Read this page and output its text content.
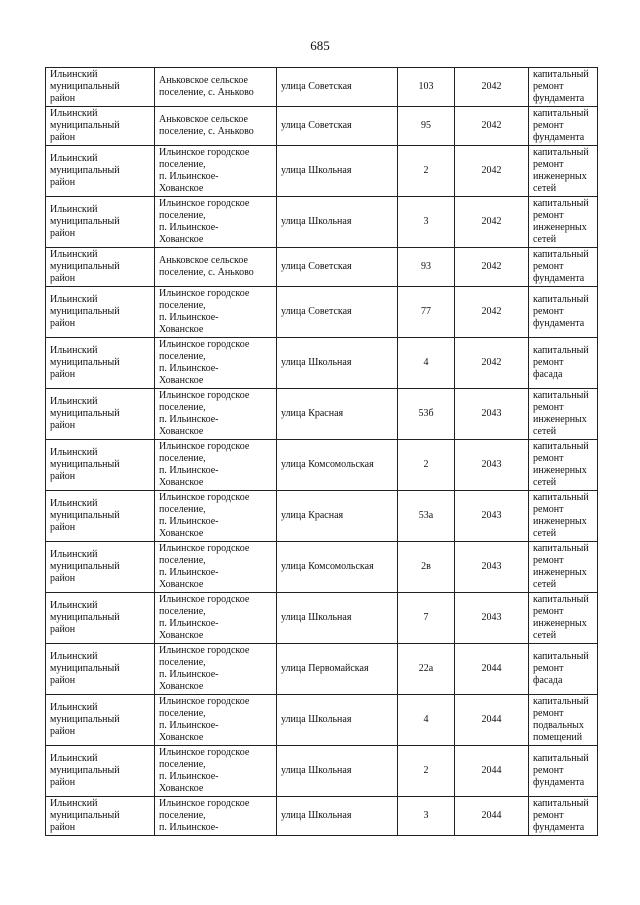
685
Ильинский
муниципальный
район	Аньковское сельское
поселение, с. Аньково	улица Советская	103	2042	капитальный
ремонт
фундамента

Ильинский
муниципальный
район	Аньковское сельское
поселение, с. Аньково	улица Советская	95	2042	капитальный
ремонт
фундамента

Ильинский
муниципальный
район	Ильинское городское
поселение,
п. Ильинское-
Хованское	улица Школьная	2	2042	капитальный
ремонт
инженерных
сетей

Ильинский
муниципальный
район	Ильинское городское
поселение,
п. Ильинское-
Хованское	улица Школьная	3	2042	капитальный
ремонт
инженерных
сетей

Ильинский
муниципальный
район	Аньковское сельское
поселение, с. Аньково	улица Советская	93	2042	капитальный
ремонт
фундамента

Ильинский
муниципальный
район	Ильинское городское
поселение,
п. Ильинское-
Хованское	улица Советская	77	2042	капитальный
ремонт
фундамента

Ильинский
муниципальный
район	Ильинское городское
поселение,
п. Ильинское-
Хованское	улица Школьная	4	2042	капитальный
ремонт фасада

Ильинский
муниципальный
район	Ильинское городское
поселение,
п. Ильинское-
Хованское	улица Красная	53б	2043	капитальный
ремонт
инженерных
сетей

Ильинский
муниципальный
район	Ильинское городское
поселение,
п. Ильинское-
Хованское	улица Комсомольская	2	2043	капитальный
ремонт
инженерных
сетей

Ильинский
муниципальный
район	Ильинское городское
поселение,
п. Ильинское-
Хованское	улица Красная	53а	2043	капитальный
ремонт
инженерных
сетей

Ильинский
муниципальный
район	Ильинское городское
поселение,
п. Ильинское-
Хованское	улица Комсомольская	2в	2043	капитальный
ремонт
инженерных
сетей

Ильинский
муниципальный
район	Ильинское городское
поселение,
п. Ильинское-
Хованское	улица Школьная	7	2043	капитальный
ремонт
инженерных
сетей

Ильинский
муниципальный
район	Ильинское городское
поселение,
п. Ильинское-
Хованское	улица Первомайская	22а	2044	капитальный
ремонт фасада

Ильинский
муниципальный
район	Ильинское городское
поселение,
п. Ильинское-
Хованское	улица Школьная	4	2044	капитальный
ремонт
подвальных
помещений

Ильинский
муниципальный
район	Ильинское городское
поселение,
п. Ильинское-
Хованское	улица Школьная	2	2044	капитальный
ремонт
фундамента

Ильинский
муниципальный
район	Ильинское городское
поселение,
п. Ильинское-	улица Школьная	3	2044	капитальный
ремонт
фундамента
